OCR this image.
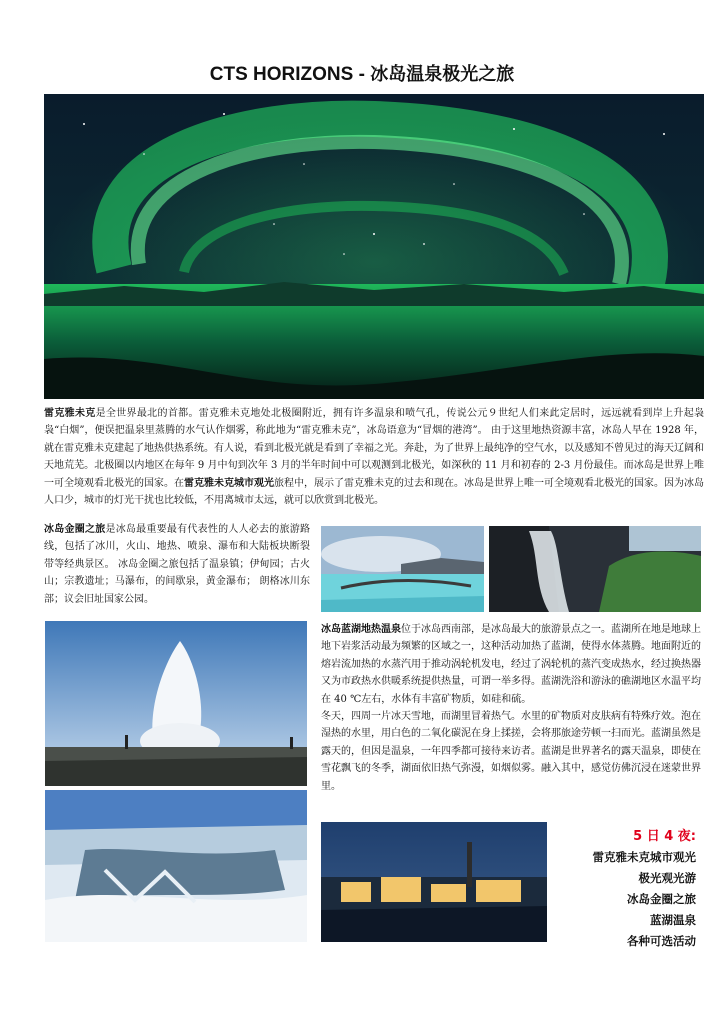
CTS HORIZONS - 冰岛温泉极光之旅
雷克雅未克是全世界最北的首都。雷克雅未克地处北极圈附近，拥有许多温泉和喷气孔，传说公元９世纪人们来此定居时，远远就看到岸上升起袅袅“白烟”，便误把温泉里蒸腾的水气认作烟雾，称此地为“雷克雅未克”，冰岛语意为“冒烟的港湾”。 由于这里地热资源丰富，冰岛人早在 1928 年，就在雷克雅未克建起了地热供热系统。有人说，看到北极光就是看到了幸福之光。奔赴，为了世界上最纯净的空气水，以及感知不曾见过的海天辽阔和天地荒芜。北极圈以内地区在每年 9 月中旬到次年 3 月的半年时间中可以观测到北极光，如深秋的 11 月和初春的 2-3 月份最佳。而冰岛是世界上唯一可全境观看北极光的国家。在雷克雅未克城市观光旅程中，展示了雷克雅未克的过去和现在。冰岛是世界上唯一可全境观看北极光的国家。因为冰岛人口少，城市的灯光干扰也比较低，不用离城市太远，就可以欣赏到北极光。
冰岛金圈之旅是冰岛最重要最有代表性的人人必去的旅游路线，包括了冰川，火山、地热、喷泉、瀑布和大陆板块断裂带等经典景区。 冰岛金圈之旅包括了温泉镇；伊甸园；古火山；宗教遗址；马瀑布，的间歇泉，黄金瀑布； 朗格冰川东部；议会旧址国家公园。
冰岛蓝湖地热温泉位于冰岛西南部，是冰岛最大的旅游景点之一。蓝湖所在地是地球上地下岩浆活动最为频繁的区域之一，这种活动加热了蓝湖，使得水体蒸腾。地面附近的熔岩流加热的水蒸汽用于推动涡轮机发电，经过了涡轮机的蒸汽变成热水，经过换热器又为市政热水供暖系统提供热量，可谓一举多得。蓝湖洗浴和游泳的礁湖地区水温平均在 40 ℃左右，水体有丰富矿物质，如硅和硫。
冬天，四周一片冰天雪地，而湖里冒着热气。水里的矿物质对皮肤病有特殊疗效。泡在湿热的水里，用白色的二氧化碳泥在身上揉搓，会将那旅途劳顿一扫而光。蓝湖虽然是露天的，但因是温泉，一年四季都可接待来访者。蓝湖是世界著名的露天温泉，即使在雪花飘飞的冬季，湖面依旧热气弥漫，如烟似雾。融入其中，感觉仿佛沉浸在迷蒙世界里。
5 日 4 夜:
雷克雅未克城市观光
极光观光游
冰岛金圈之旅
蓝湖温泉
各种可选活动
